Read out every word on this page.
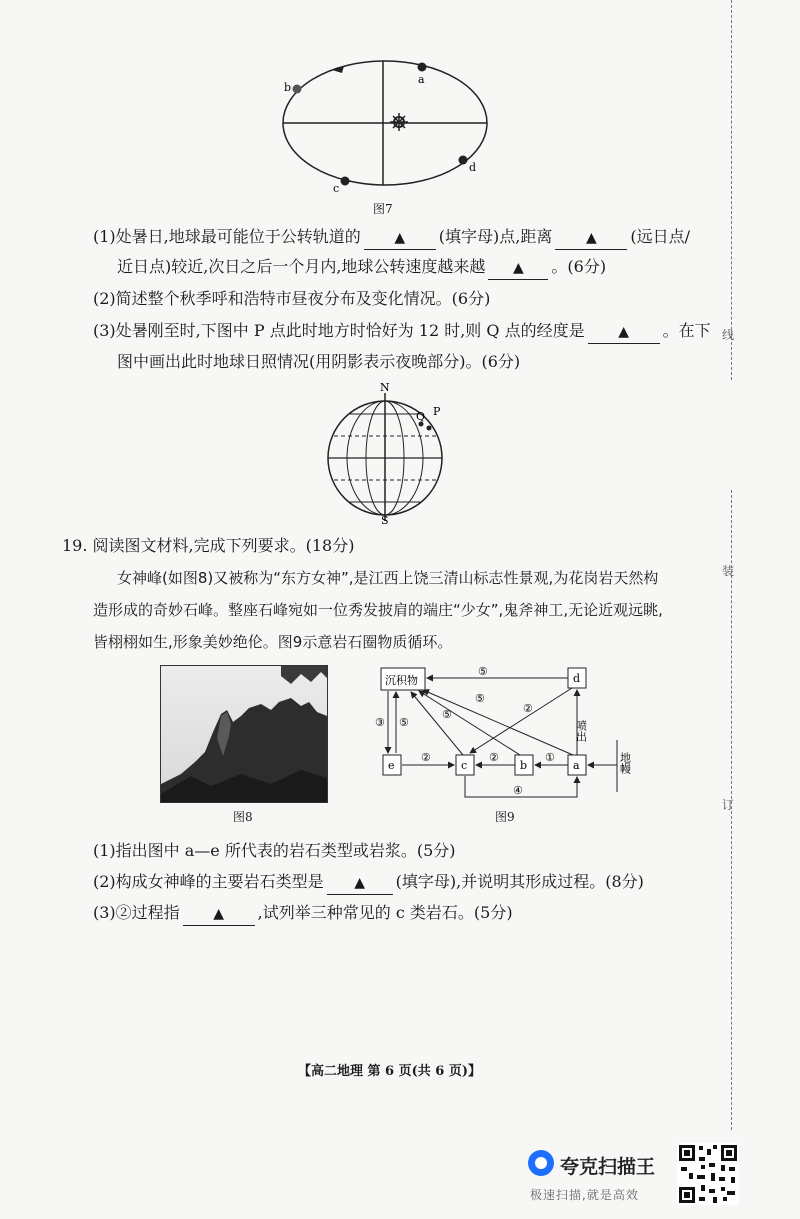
a
b
c
d
图7
(1)处暑日,地球最可能位于公转轨道的 ▲ (填字母)点,距离 ▲ (远日点/
近日点)较近,次日之后一个月内,地球公转速度越来越 ▲ 。(6分)
(2)简述整个秋季呼和浩特市昼夜分布及变化情况。(6分)
(3)处暑刚至时,下图中 P 点此时地方时恰好为 12 时,则 Q 点的经度是 ▲ 。在下
图中画出此时地球日照情况(用阴影表示夜晚部分)。(6分)
N
S
Q P
19. 阅读图文材料,完成下列要求。(18分)
女神峰(如图8)又被称为“东方女神”,是江西上饶三清山标志性景观,为花岗岩天然构
造形成的奇妙石峰。整座石峰宛如一位秀发披肩的端庄“少女”,鬼斧神工,无论近观远眺,
皆栩栩如生,形象美妙绝伦。图9示意岩石圈物质循环。
图8
沉积物	d
e	c	b	a
⑤
⑤
⑤
⑤
③
②
②	②	①
④
喷出
地幔
图9
(1)指出图中 a—e 所代表的岩石类型或岩浆。(5分)
(2)构成女神峰的主要岩石类型是 ▲ (填字母),并说明其形成过程。(8分)
(3)②过程指 ▲ ,试列举三种常见的 c 类岩石。(5分)
【高二地理 第 6 页(共 6 页)】
线
装
订
夸克扫描王
极速扫描,就是高效
